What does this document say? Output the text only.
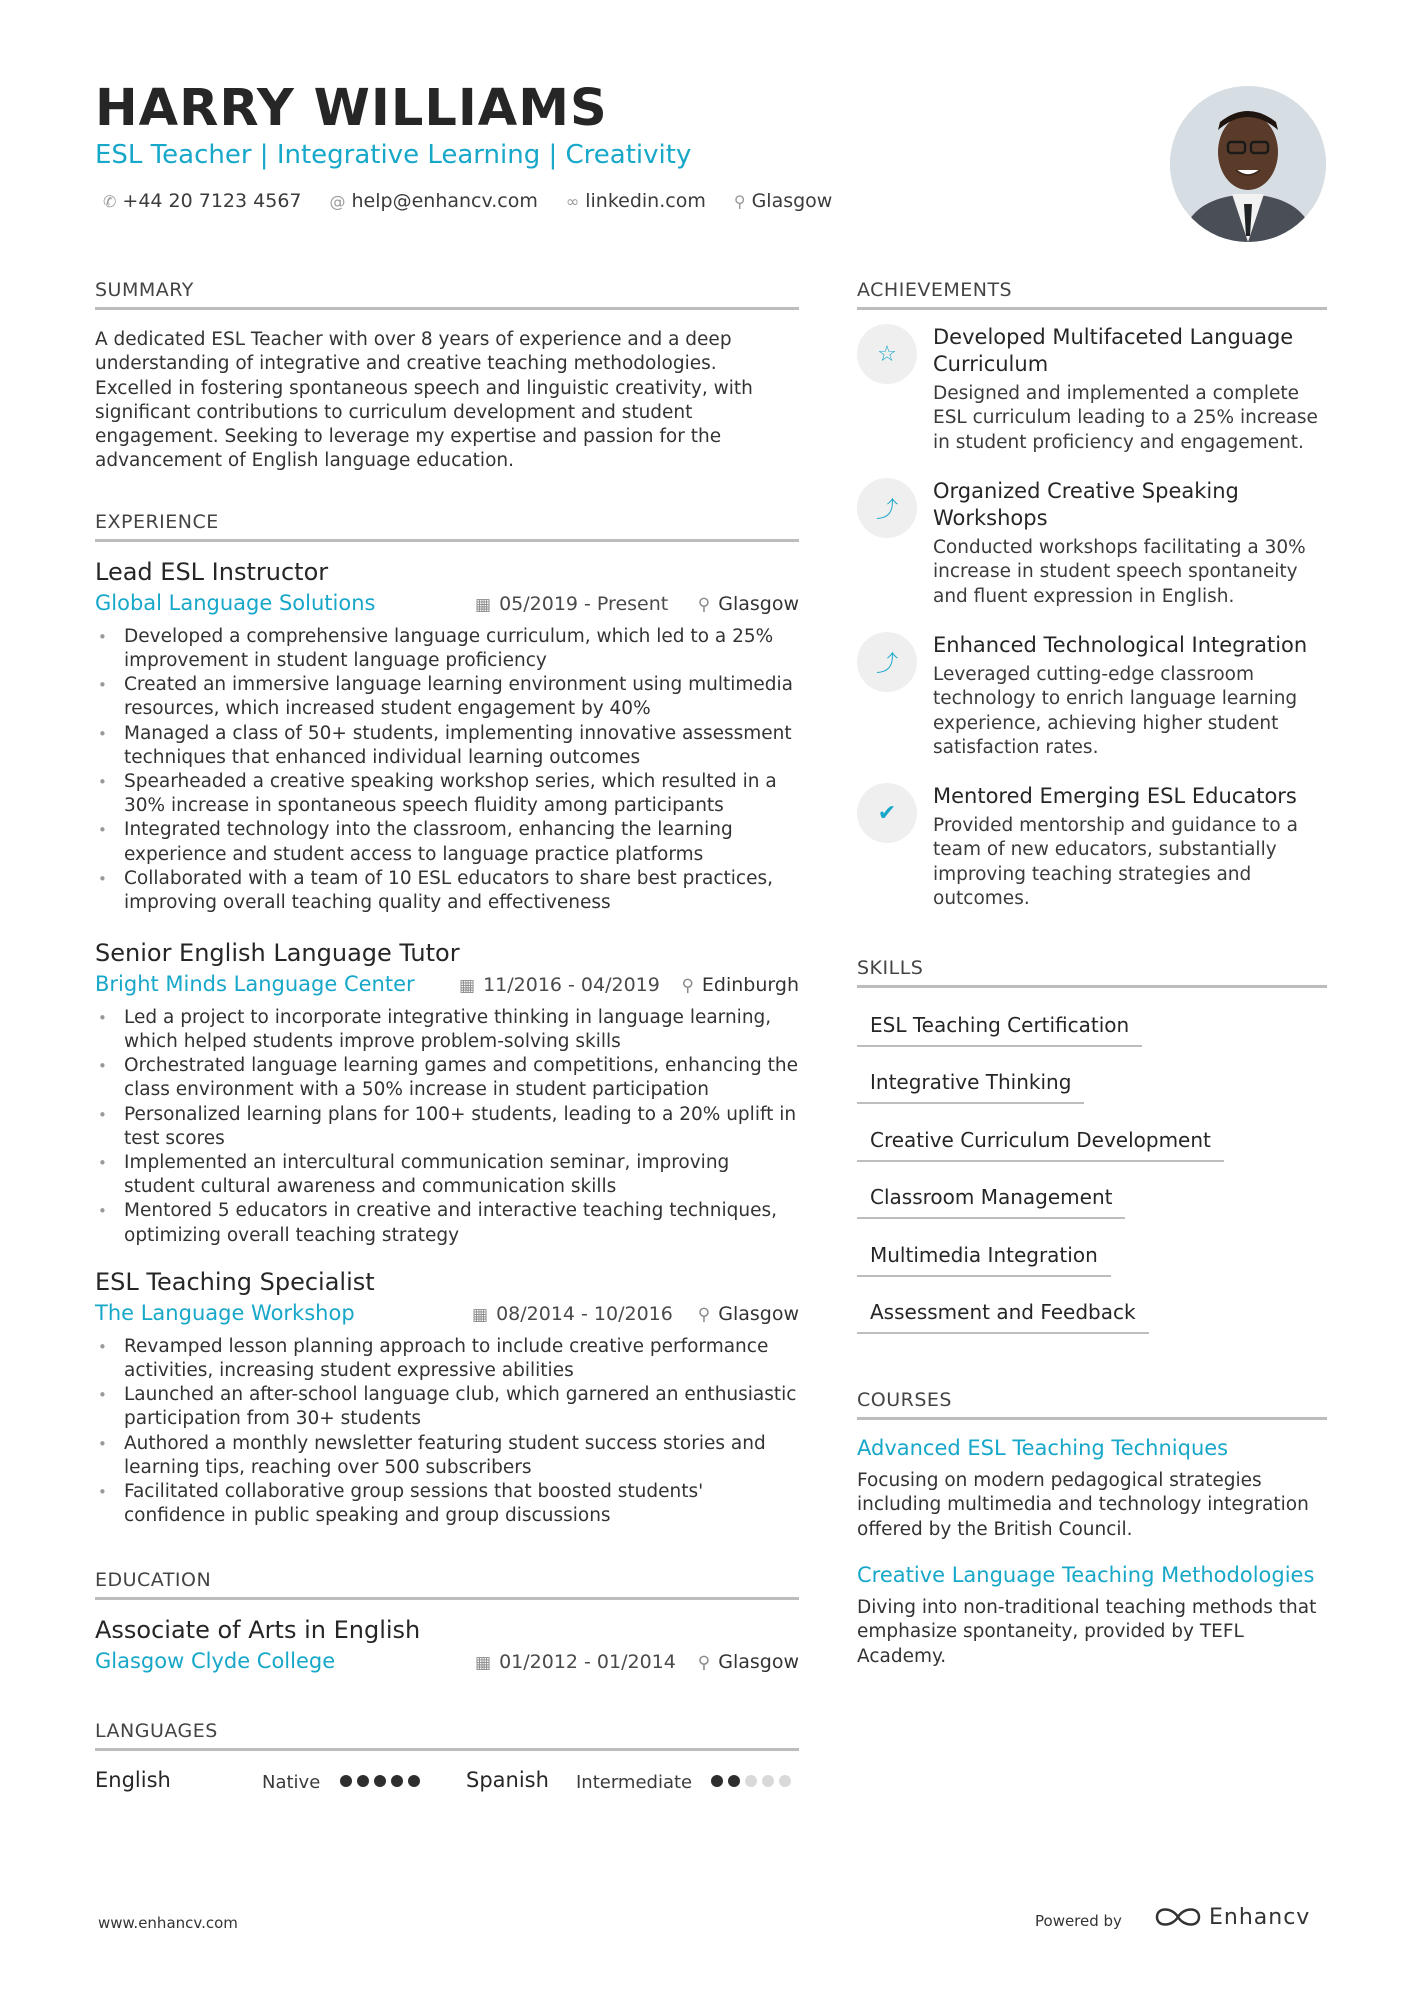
HARRY WILLIAMS
ESL Teacher | Integrative Learning | Creativity
✆ +44 20 7123 4567 @ help@enhancv.com ∞ linkedin.com ⚲ Glasgow
SUMMARY

A dedicated ESL Teacher with over 8 years of experience and a deep understanding of integrative and creative teaching methodologies. Excelled in fostering spontaneous speech and linguistic creativity, with significant contributions to curriculum development and student engagement. Seeking to leverage my expertise and passion for the advancement of English language education.

EXPERIENCE
Lead ESL Instructor
Global Language Solutions	▦ 05/2019 - Present ⚲ Glasgow
• Developed a comprehensive language curriculum, which led to a 25% improvement in student language proficiency
• Created an immersive language learning environment using multimedia resources, which increased student engagement by 40%
• Managed a class of 50+ students, implementing innovative assessment techniques that enhanced individual learning outcomes
• Spearheaded a creative speaking workshop series, which resulted in a 30% increase in spontaneous speech fluidity among participants
• Integrated technology into the classroom, enhancing the learning experience and student access to language practice platforms
• Collaborated with a team of 10 ESL educators to share best practices, improving overall teaching quality and effectiveness
Senior English Language Tutor
Bright Minds Language Center	▦ 11/2016 - 04/2019 ⚲ Edinburgh
• Led a project to incorporate integrative thinking in language learning, which helped students improve problem-solving skills
• Orchestrated language learning games and competitions, enhancing the class environment with a 50% increase in student participation
• Personalized learning plans for 100+ students, leading to a 20% uplift in test scores
• Implemented an intercultural communication seminar, improving student cultural awareness and communication skills
• Mentored 5 educators in creative and interactive teaching techniques, optimizing overall teaching strategy
ESL Teaching Specialist
The Language Workshop	▦ 08/2014 - 10/2016 ⚲ Glasgow
• Revamped lesson planning approach to include creative performance activities, increasing student expressive abilities
• Launched an after-school language club, which garnered an enthusiastic participation from 30+ students
• Authored a monthly newsletter featuring student success stories and learning tips, reaching over 500 subscribers
• Facilitated collaborative group sessions that boosted students' confidence in public speaking and group discussions
EDUCATION
Associate of Arts in English
Glasgow Clyde College	▦ 01/2012 - 01/2014 ⚲ Glasgow
LANGUAGES
English	Native	Spanish Intermediate
ACHIEVEMENTS
☆

Developed Multifaceted Language Curriculum

Designed and implemented a complete ESL curriculum leading to a 25% increase in student proficiency and engagement.

⤴

Organized Creative Speaking Workshops

Conducted workshops facilitating a 30% increase in student speech spontaneity and fluent expression in English.

⤴

Enhanced Technological Integration

Leveraged cutting-edge classroom technology to enrich language learning experience, achieving higher student satisfaction rates.

✔

Mentored Emerging ESL Educators

Provided mentorship and guidance to a team of new educators, substantially improving teaching strategies and outcomes.

SKILLS
ESL Teaching Certification
Integrative Thinking
Creative Curriculum Development
Classroom Management
Multimedia Integration
Assessment and Feedback
COURSES
Advanced ESL Teaching Techniques

Focusing on modern pedagogical strategies including multimedia and technology integration offered by the British Council.

Creative Language Teaching Methodologies

Diving into non-traditional teaching methods that emphasize spontaneity, provided by TEFL Academy.

www.enhancv.com	Powered by	Enhancv
